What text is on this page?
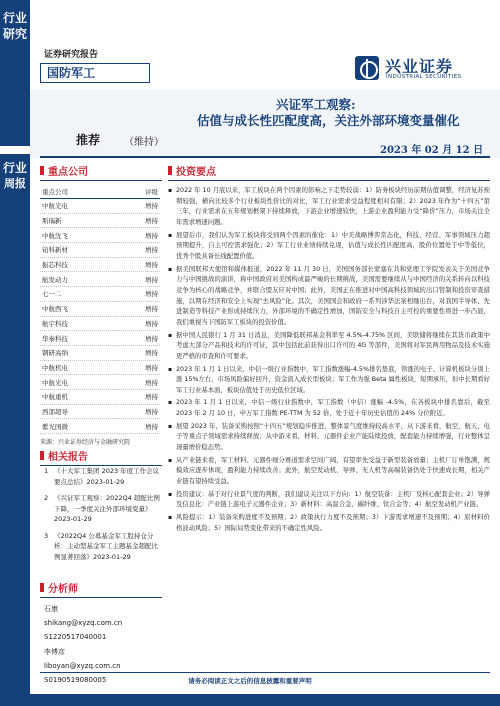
行业
研究
行业
周报
证券研究报告
国防军工	兴业证券
INDUSTRIAL SECURITIES
兴证军工观察:
估值与成长性匹配度高，关注外部环境变量催化
推荐 （维持）
2023 年 02 月 12 日
重点公司
重点公司	评级
中航光电	增持
斯瑞新	增持
中航沈飞	增持
铂科新材	增持
振芯科技	增持
航发动力	增持
七一二	增持
中航西飞	增持
航宇科技	增持
华秦科技	增持
钢研高纳	增持
中航机电	增持
中航光电	增持
中航重机	增持
西部超导	增持
紫光国微	增持
来源：兴业证券经济与金融研究院
相关报告
1 《十大军工集团 2023 年度工作会议要点总结》2023-01-29
2 《兴证军工观察：2022Q4 超配比例下降，一季度关注外部环境变量》2023-01-29
3 《2022Q4 公募基金军工股持仓分析：主动型基金军工主题基金超配比例显著回落》2023-01-29
分析师
石康
shikang@xyzq.com.cn
S1220517040001
李博彦
liboyan@xyzq.com.cn
S0190519080005
投资要点
▪ 2022 年 10 月底以来，军工板块在两个因素的影响之下走势较弱：1）防务板块经历前期估值调整，经济复苏预期较强，横向比较多个行业板块性价比的对比，军工行业需求受益程度相对有限；2）2023 年作为“十四五”第三年，行业需求在五年规划框架下持续释放，下游企业增速较快，上游企业盈利能力受“降价”压力，市场关注全年需求增速问题。
▪ 展望后市，我们认为军工板块将受到两个因素的催化：1）中美战略博弈常态化，科技、经营、军事领域压力超预期提升，自主可控需求强化；2）军工行业业绩持续兑现，估值与成长性匹配度高，股价位置处于中等低位，优秀个股具备长线配置价值。
▪ 据美国联邦大使馆和媒体报道，2022 年 11 月 30 日，美国国务部长蒙塞在共和党理工学院发表关于美国竞争力与中国挑战的演讲，称中国政府对美国构成最严峻的长期挑战，美国需要继续从与中国经济的关系转向以科技竞争为核心的战略竞争，并联合盟友应对中国；此外，美国正在推进对中国高科技领域的出口管制和投资审查措施，以期在经济和安全上实现“去风险”化。其次，美国国会和政府一系列涉华法案相继出台，对我国半导体、先进制造等科技产业形成持续压力，外部环境的不确定性增加，国防安全与科技自主可控的重要性将进一步凸显，我们重视当下国防军工板块的投资价值。
▪ 据中国人民银行 1 月 31 日消息，美国降低联邦基金利率至 4.5%-4.75% 区间，美联储将继续在其货币政策中考虑大部分产品和技术的许可证，其中包括此前获得出口许可的 4G 等部件，美国将对军民两用物品及技术实施更严格的审查和许可要求。
▪ 2023 年 1 月 1 日以来，中信一级行业指数中，军工指数涨幅-4.5%排名垫底，领涨的电子、计算机板块分别上涨 15%左右，市场风险偏好回升，资金流入成长型板块；军工作为强 Beta 属性板块，短期承压，但中长期看好军工行业基本面，板块估值处于历史低位区域。
▪ 2023 年 1 月 1 日以来，中信一级行业指数中，军工指数（中信）涨幅 -4.5%，在各板块中排名靠后，截至 2023 年 2 月 10 日，申万军工指数 PE-TTM 为 52 倍，处于近十年历史估值的 24% 分位附近。
▪ 展望 2023 年，装备采购按照“十四五”规划稳步推进，整体景气度维持较高水平，从下游来看，航空、航天、电子等重点子领域需求持续释放；从中游来看，材料、元器件企业产能陆续投放，配套能力持续增强，行业整体呈现量增价稳态势。
▪ 从产业链来看，军工材料、元器件细分赛道需求空间广阔，有望率先受益于新型装备放量；主机厂订单饱满，规模效应逐步体现，盈利能力持续改善；此外，航空发动机、导弹、无人机等高端装备仍处于快速成长期，相关产业链有望持续受益。
▪ 投资建议：基于对行业景气度的判断，我们建议关注以下方向：1）航空装备：主机厂及核心配套企业；2）导弹及信息化：产业链上游电子元器件企业；3）新材料：高温合金、碳纤维、钛合金等；4）航空发动机产业链。
▪ 风险提示：1）装备采购进度不及预期；2）政策执行力度不及预期；3）下游需求增速不及预期；4）原材料价格波动风险；5）国际局势变化带来的不确定性风险。
请务必阅读正文之后的信息披露和重要声明
